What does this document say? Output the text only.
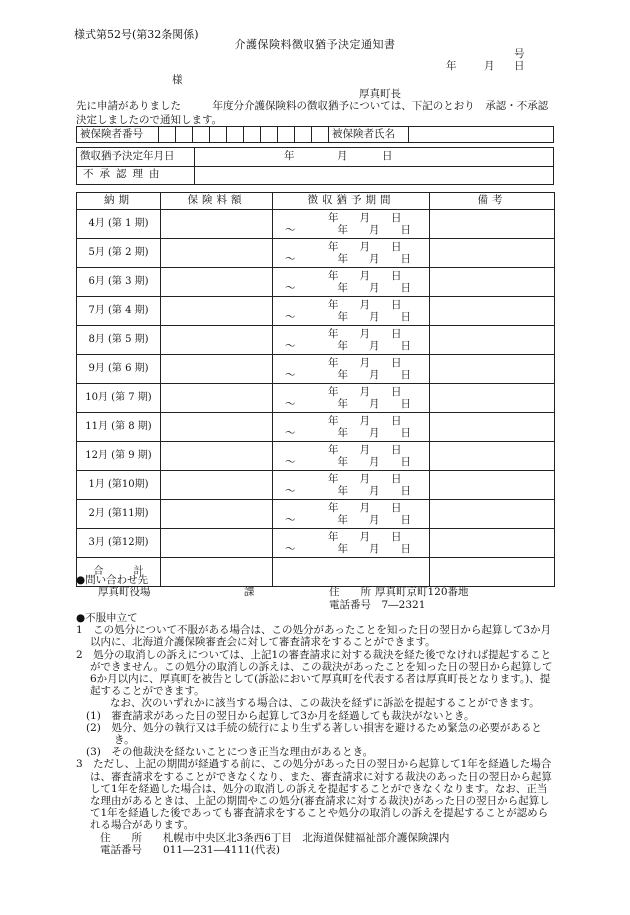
様式第52号(第32条関係)
介護保険料徴収猶予決定通知書
号
年	月 日
様
厚真町長
先に申請がありました　　　年度分介護保険料の徴収猶予については、下記のとおり　承認・不承認　決定しましたので通知します。
被保険者番号	被保険者氏名
徴収猶予決定年月日	年	月	日
不承認理由
納期	保険料額	徴収猶予期間	備考
4月 (第 1 期)		年　　月　　日
～　　　　年　　月　　日	

5月 (第 2 期)		年　　月　　日
～　　　　年　　月　　日	

6月 (第 3 期)		年　　月　　日
～　　　　年　　月　　日	

7月 (第 4 期)		年　　月　　日
～　　　　年　　月　　日	

8月 (第 5 期)		年　　月　　日
～　　　　年　　月　　日	

9月 (第 6 期)		年　　月　　日
～　　　　年　　月　　日	

10月 (第 7 期)		年　　月　　日
～　　　　年　　月　　日	

11月 (第 8 期)		年　　月　　日
～　　　　年　　月　　日	

12月 (第 9 期)		年　　月　　日
～　　　　年　　月　　日	

1月 (第10期)		年　　月　　日
～　　　　年　　月　　日	

2月 (第11期)		年　　月　　日
～　　　　年　　月　　日	

3月 (第12期)		年　　月　　日
～　　　　年　　月　　日	

合　　　計			
●問い合わせ先
厚真町役場	課	住　　所 厚真町京町120番地
電話番号　7―2321

●不服申立て

1　この処分について不服がある場合は、この処分があったことを知った日の翌日から起算して3か月以内に、北海道介護保険審査会に対して審査請求をすることができます。

2　処分の取消しの訴えについては、上記1の審査請求に対する裁決を経た後でなければ提起することができません。この処分の取消しの訴えは、この裁決があったことを知った日の翌日から起算して6か月以内に、厚真町を被告として(訴訟において厚真町を代表する者は厚真町長となります。)、提起することができます。

なお、次のいずれかに該当する場合は、この裁決を経ずに訴訟を提起することができます。

(1)　審査請求があった日の翌日から起算して3か月を経過しても裁決がないとき。

(2)　処分、処分の執行又は手続の続行により生ずる著しい損害を避けるため緊急の必要があるとき。

(3)　その他裁決を経ないことにつき正当な理由があるとき。

3　ただし、上記の期間が経過する前に、この処分があった日の翌日から起算して1年を経過した場合は、審査請求をすることができなくなり、また、審査請求に対する裁決のあった日の翌日から起算して1年を経過した場合は、処分の取消しの訴えを提起することができなくなります。なお、正当な理由があるときは、上記の期間やこの処分(審査請求に対する裁決)があった日の翌日から起算して1年を経過した後であっても審査請求をすることや処分の取消しの訴えを提起することが認められる場合があります。

住　　所　　札幌市中央区北3条西6丁目　北海道保健福祉部介護保険課内

電話番号　　011―231―4111(代表)
